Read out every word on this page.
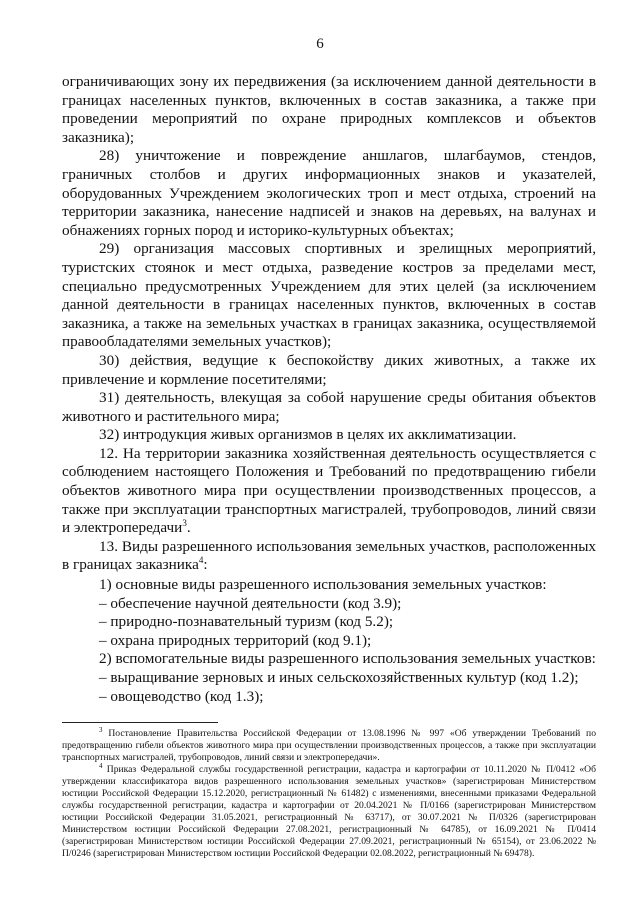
6

ограничивающих зону их передвижения (за исключением данной деятельности в границах населенных пунктов, включенных в состав заказника, а также при проведении мероприятий по охране природных комплексов и объектов заказника);

28) уничтожение и повреждение аншлагов, шлагбаумов, стендов, граничных столбов и других информационных знаков и указателей, оборудованных Учреждением экологических троп и мест отдыха, строений на территории заказника, нанесение надписей и знаков на деревьях, на валунах и обнажениях горных пород и историко-культурных объектах;

29) организация массовых спортивных и зрелищных мероприятий, туристских стоянок и мест отдыха, разведение костров за пределами мест, специально предусмотренных Учреждением для этих целей (за исключением данной деятельности в границах населенных пунктов, включенных в состав заказника, а также на земельных участках в границах заказника, осуществляемой правообладателями земельных участков);

30) действия, ведущие к беспокойству диких животных, а также их привлечение и кормление посетителями;

31) деятельность, влекущая за собой нарушение среды обитания объектов животного и растительного мира;

32) интродукция живых организмов в целях их акклиматизации.

12. На территории заказника хозяйственная деятельность осуществляется с соблюдением настоящего Положения и Требований по предотвращению гибели объектов животного мира при осуществлении производственных процессов, а также при эксплуатации транспортных магистралей, трубопроводов, линий связи и электропередачи$^3$.

13. Виды разрешенного использования земельных участков, расположенных в границах заказника$^4$:

1) основные виды разрешенного использования земельных участков:

– обеспечение научной деятельности (код 3.9);

– природно-познавательный туризм (код 5.2);

– охрана природных территорий (код 9.1);

2) вспомогательные виды разрешенного использования земельных участков:

– выращивание зерновых и иных сельскохозяйственных культур (код 1.2);

– овощеводство (код 1.3);

$^3$ Постановление Правительства Российской Федерации от 13.08.1996 № 997 «Об утверждении Требований по предотвращению гибели объектов животного мира при осуществлении производственных процессов, а также при эксплуатации транспортных магистралей, трубопроводов, линий связи и электропередачи».

$^4$ Приказ Федеральной службы государственной регистрации, кадастра и картографии от 10.11.2020 № П/0412 «Об утверждении классификатора видов разрешенного использования земельных участков» (зарегистрирован Министерством юстиции Российской Федерации 15.12.2020, регистрационный № 61482) с изменениями, внесенными приказами Федеральной службы государственной регистрации, кадастра и картографии от 20.04.2021 № П/0166 (зарегистрирован Министерством юстиции Российской Федерации 31.05.2021, регистрационный № 63717), от 30.07.2021 № П/0326 (зарегистрирован Министерством юстиции Российской Федерации 27.08.2021, регистрационный № 64785), от 16.09.2021 № П/0414 (зарегистрирован Министерством юстиции Российской Федерации 27.09.2021, регистрационный № 65154), от 23.06.2022 № П/0246 (зарегистрирован Министерством юстиции Российской Федерации 02.08.2022, регистрационный № 69478).
